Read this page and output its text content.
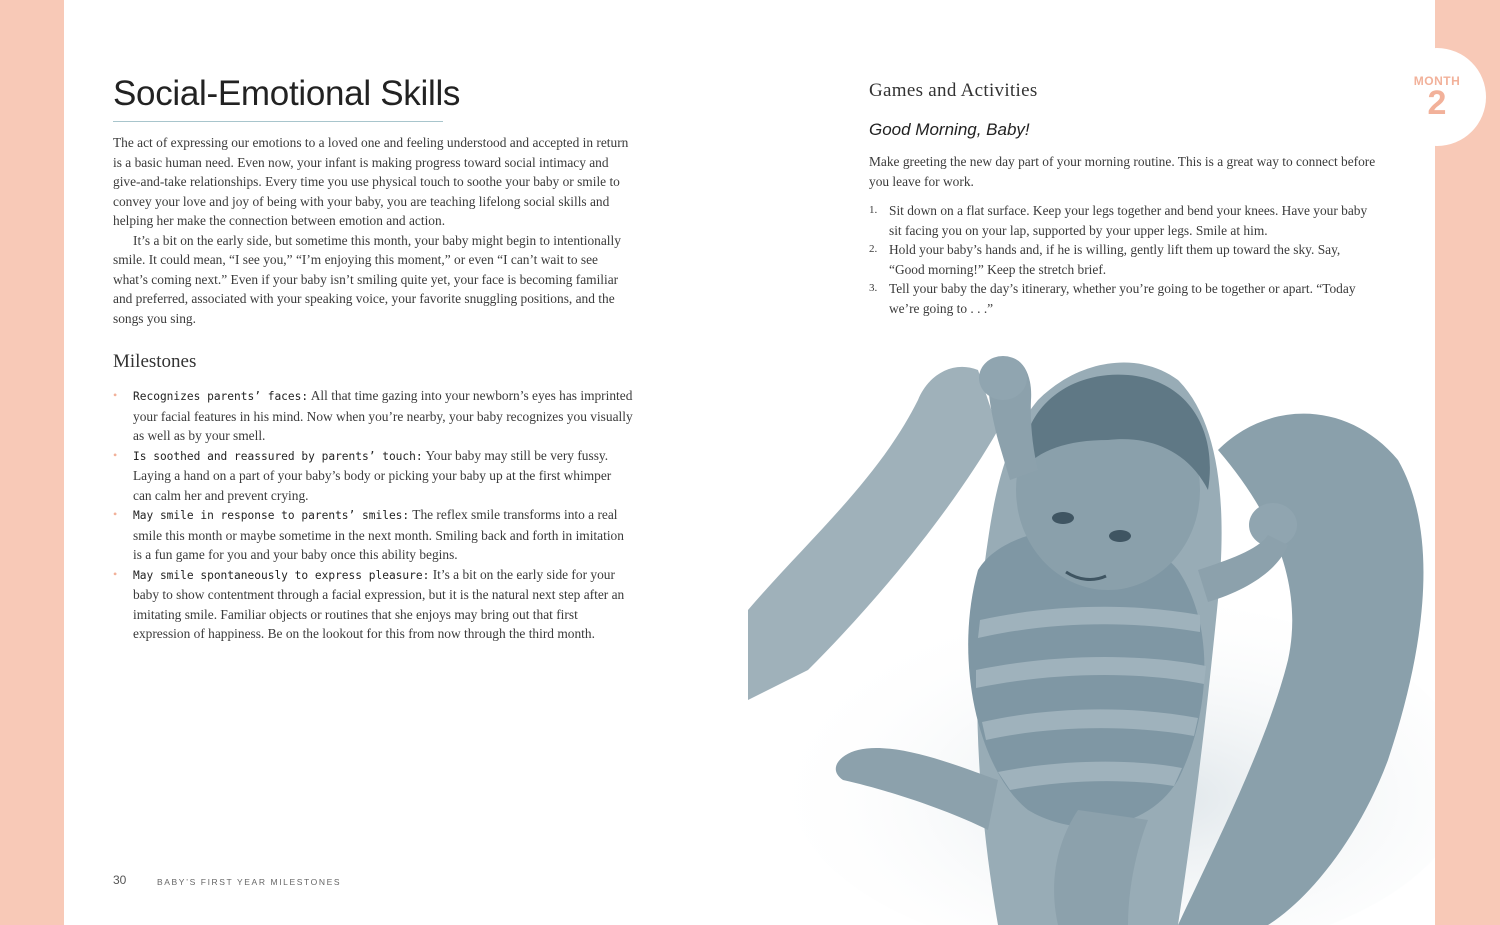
Social-Emotional Skills

The act of expressing our emotions to a loved one and feeling understood and accepted in return is a basic human need. Even now, your infant is making progress toward social intimacy and give-and-take relationships. Every time you use physical touch to soothe your baby or smile to convey your love and joy of being with your baby, you are teaching lifelong social skills and helping her make the connection between emotion and action.

It’s a bit on the early side, but sometime this month, your baby might begin to intentionally smile. It could mean, “I see you,” “I’m enjoying this moment,” or even “I can’t wait to see what’s coming next.” Even if your baby isn’t smiling quite yet, your face is becoming familiar and preferred, associated with your speaking voice, your favorite snuggling positions, and the songs you sing.

Milestones
• Recognizes parents’ faces: All that time gazing into your newborn’s eyes has imprinted your facial features in his mind. Now when you’re nearby, your baby recognizes you visually as well as by your smell.
• Is soothed and reassured by parents’ touch: Your baby may still be very fussy. Laying a hand on a part of your baby’s body or picking your baby up at the first whimper can calm her and prevent crying.
• May smile in response to parents’ smiles: The reflex smile transforms into a real smile this month or maybe sometime in the next month. Smiling back and forth in imitation is a fun game for you and your baby once this ability begins.
• May smile spontaneously to express pleasure: It’s a bit on the early side for your baby to show contentment through a facial expression, but it is the natural next step after an imitating smile. Familiar objects or routines that she enjoys may bring out that first expression of happiness. Be on the lookout for this from now through the third month.
30	BABY’S FIRST YEAR MILESTONES
Games and Activities
Good Morning, Baby!

Make greeting the new day part of your morning routine. This is a great way to connect before you leave for work.

1. Sit down on a flat surface. Keep your legs together and bend your knees. Have your baby sit facing you on your lap, supported by your upper legs. Smile at him.
2. Hold your baby’s hands and, if he is willing, gently lift them up toward the sky. Say, “Good morning!” Keep the stretch brief.
3. Tell your baby the day’s itinerary, whether you’re going to be together or apart. “Today we’re going to . . .”
MONTH
2
